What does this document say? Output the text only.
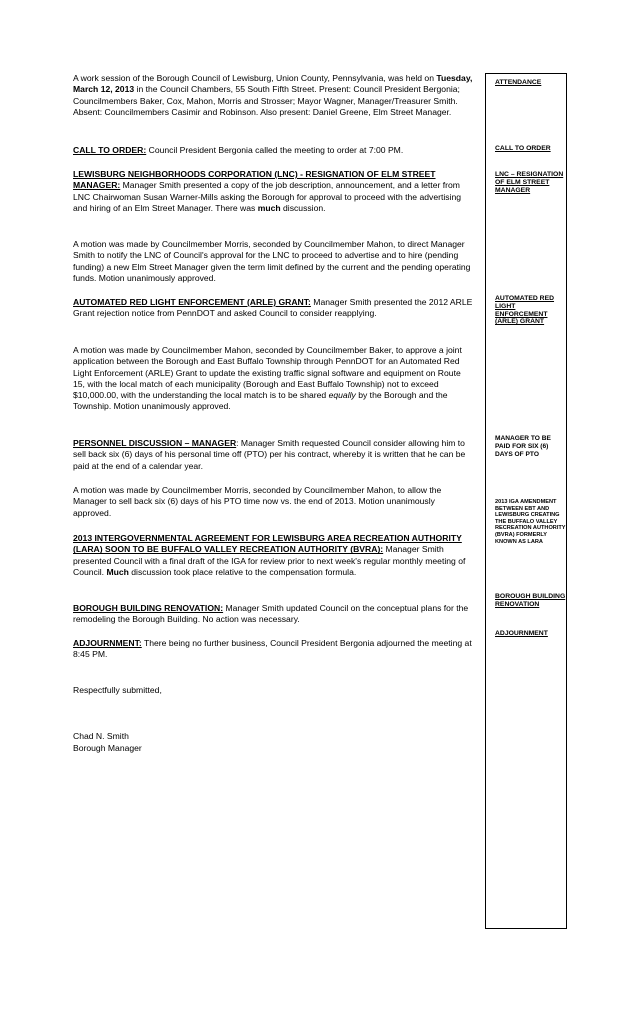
A work session of the Borough Council of Lewisburg, Union County, Pennsylvania, was held on Tuesday, March 12, 2013 in the Council Chambers, 55 South Fifth Street. Present: Council President Bergonia; Councilmembers Baker, Cox, Mahon, Morris and Strosser; Mayor Wagner, Manager/Treasurer Smith. Absent: Councilmembers Casimir and Robinson. Also present: Daniel Greene, Elm Street Manager.

CALL TO ORDER: Council President Bergonia called the meeting to order at 7:00 PM.

LEWISBURG NEIGHBORHOODS CORPORATION (LNC) - RESIGNATION OF ELM STREET MANAGER: Manager Smith presented a copy of the job description, announcement, and a letter from LNC Chairwoman Susan Warner-Mills asking the Borough for approval to proceed with the advertising and hiring of an Elm Street Manager. There was much discussion.

A motion was made by Councilmember Morris, seconded by Councilmember Mahon, to direct Manager Smith to notify the LNC of Council's approval for the LNC to proceed to advertise and to hire (pending funding) a new Elm Street Manager given the term limit defined by the current and the pending operating funds. Motion unanimously approved.

AUTOMATED RED LIGHT ENFORCEMENT (ARLE) GRANT: Manager Smith presented the 2012 ARLE Grant rejection notice from PennDOT and asked Council to consider reapplying.

A motion was made by Councilmember Mahon, seconded by Councilmember Baker, to approve a joint application between the Borough and East Buffalo Township through PennDOT for an Automated Red Light Enforcement (ARLE) Grant to update the existing traffic signal software and equipment on Route 15, with the local match of each municipality (Borough and East Buffalo Township) not to exceed $10,000.00, with the understanding the local match is to be shared equally by the Borough and the Township. Motion unanimously approved.

PERSONNEL DISCUSSION – MANAGER: Manager Smith requested Council consider allowing him to sell back six (6) days of his personal time off (PTO) per his contract, whereby it is written that he can be paid at the end of a calendar year.

A motion was made by Councilmember Morris, seconded by Councilmember Mahon, to allow the Manager to sell back six (6) days of his PTO time now vs. the end of 2013. Motion unanimously approved.

2013 INTERGOVERNMENTAL AGREEMENT FOR LEWISBURG AREA RECREATION AUTHORITY (LARA) SOON TO BE BUFFALO VALLEY RECREATION AUTHORITY (BVRA): Manager Smith presented Council with a final draft of the IGA for review prior to next week's regular monthly meeting of Council. Much discussion took place relative to the compensation formula.

BOROUGH BUILDING RENOVATION: Manager Smith updated Council on the conceptual plans for the remodeling the Borough Building. No action was necessary.

ADJOURNMENT: There being no further business, Council President Bergonia adjourned the meeting at 8:45 PM.

Respectfully submitted,

Chad N. Smith

Borough Manager

ATTENDANCE

CALL TO ORDER

LNC – RESIGNATION OF ELM STREET MANAGER

AUTOMATED RED LIGHT ENFORCEMENT (ARLE) GRANT

MANAGER TO BE PAID FOR SIX (6) DAYS OF PTO

2013 IGA AMENDMENT BETWEEN EBT AND LEWISBURG CREATING THE BUFFALO VALLEY RECREATION AUTHORITY (BVRA) FORMERLY KNOWN AS LARA

BOROUGH BUILDING RENOVATION

ADJOURNMENT
